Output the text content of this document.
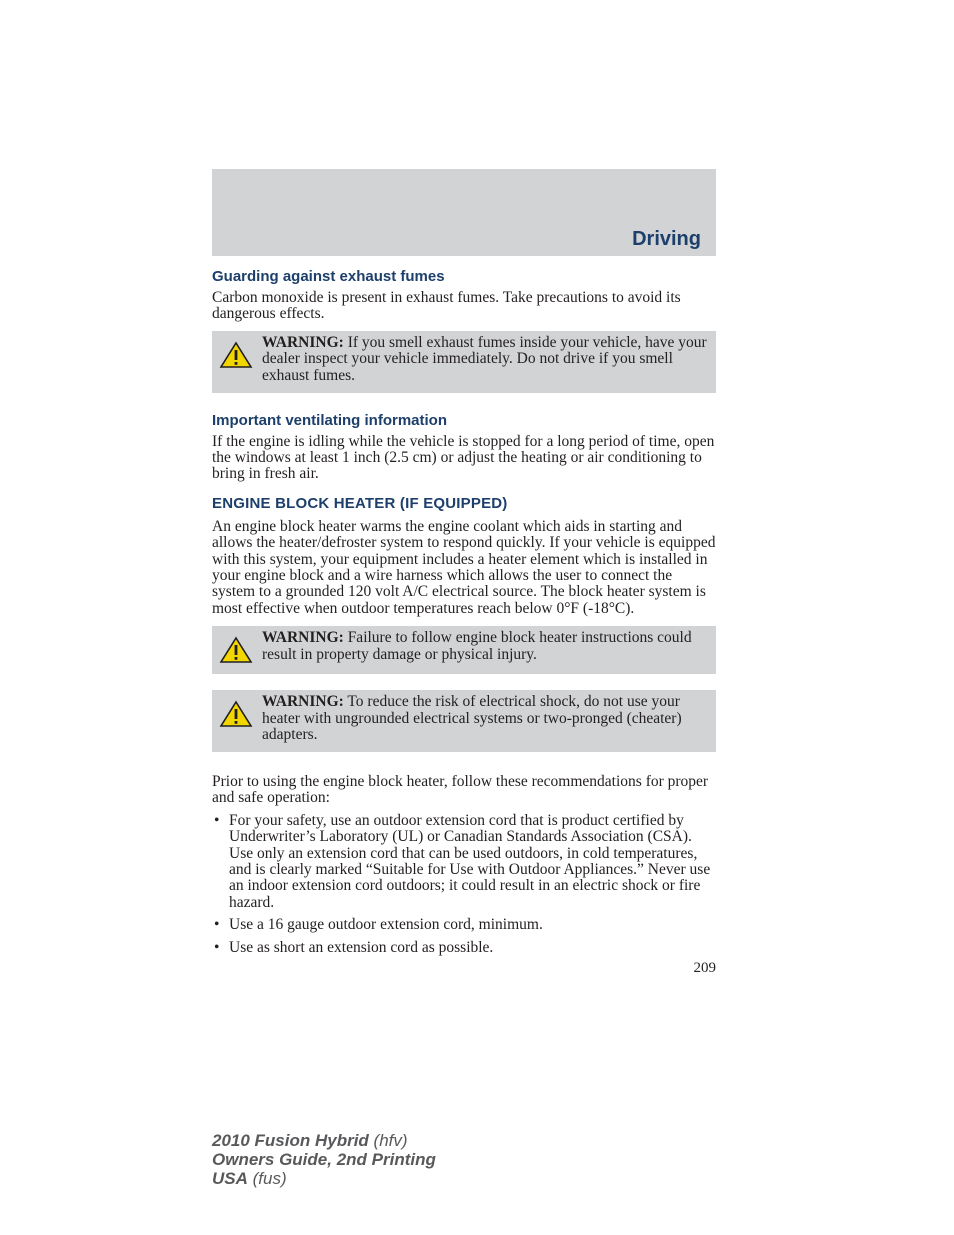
Driving
Guarding against exhaust fumes

Carbon monoxide is present in exhaust fumes. Take precautions to avoid its dangerous effects.

WARNING: If you smell exhaust fumes inside your vehicle, have your dealer inspect your vehicle immediately. Do not drive if you smell exhaust fumes.

Important ventilating information

If the engine is idling while the vehicle is stopped for a long period of time, open the windows at least 1 inch (2.5 cm) or adjust the heating or air conditioning to bring in fresh air.

ENGINE BLOCK HEATER (IF EQUIPPED)

An engine block heater warms the engine coolant which aids in starting and allows the heater/defroster system to respond quickly. If your vehicle is equipped with this system, your equipment includes a heater element which is installed in your engine block and a wire harness which allows the user to connect the system to a grounded 120 volt A/C electrical source. The block heater system is most effective when outdoor temperatures reach below 0°F (-18°C).

WARNING: Failure to follow engine block heater instructions could result in property damage or physical injury.

WARNING: To reduce the risk of electrical shock, do not use your heater with ungrounded electrical systems or two-pronged (cheater) adapters.

Prior to using the engine block heater, follow these recommendations for proper and safe operation:

• For your safety, use an outdoor extension cord that is product certified by Underwriter’s Laboratory (UL) or Canadian Standards Association (CSA). Use only an extension cord that can be used outdoors, in cold temperatures, and is clearly marked “Suitable for Use with Outdoor Appliances.” Never use an indoor extension cord outdoors; it could result in an electric shock or fire hazard.
• Use a 16 gauge outdoor extension cord, minimum.
• Use as short an extension cord as possible.
209
2010 Fusion Hybrid (hfv)
Owners Guide, 2nd Printing
USA (fus)
